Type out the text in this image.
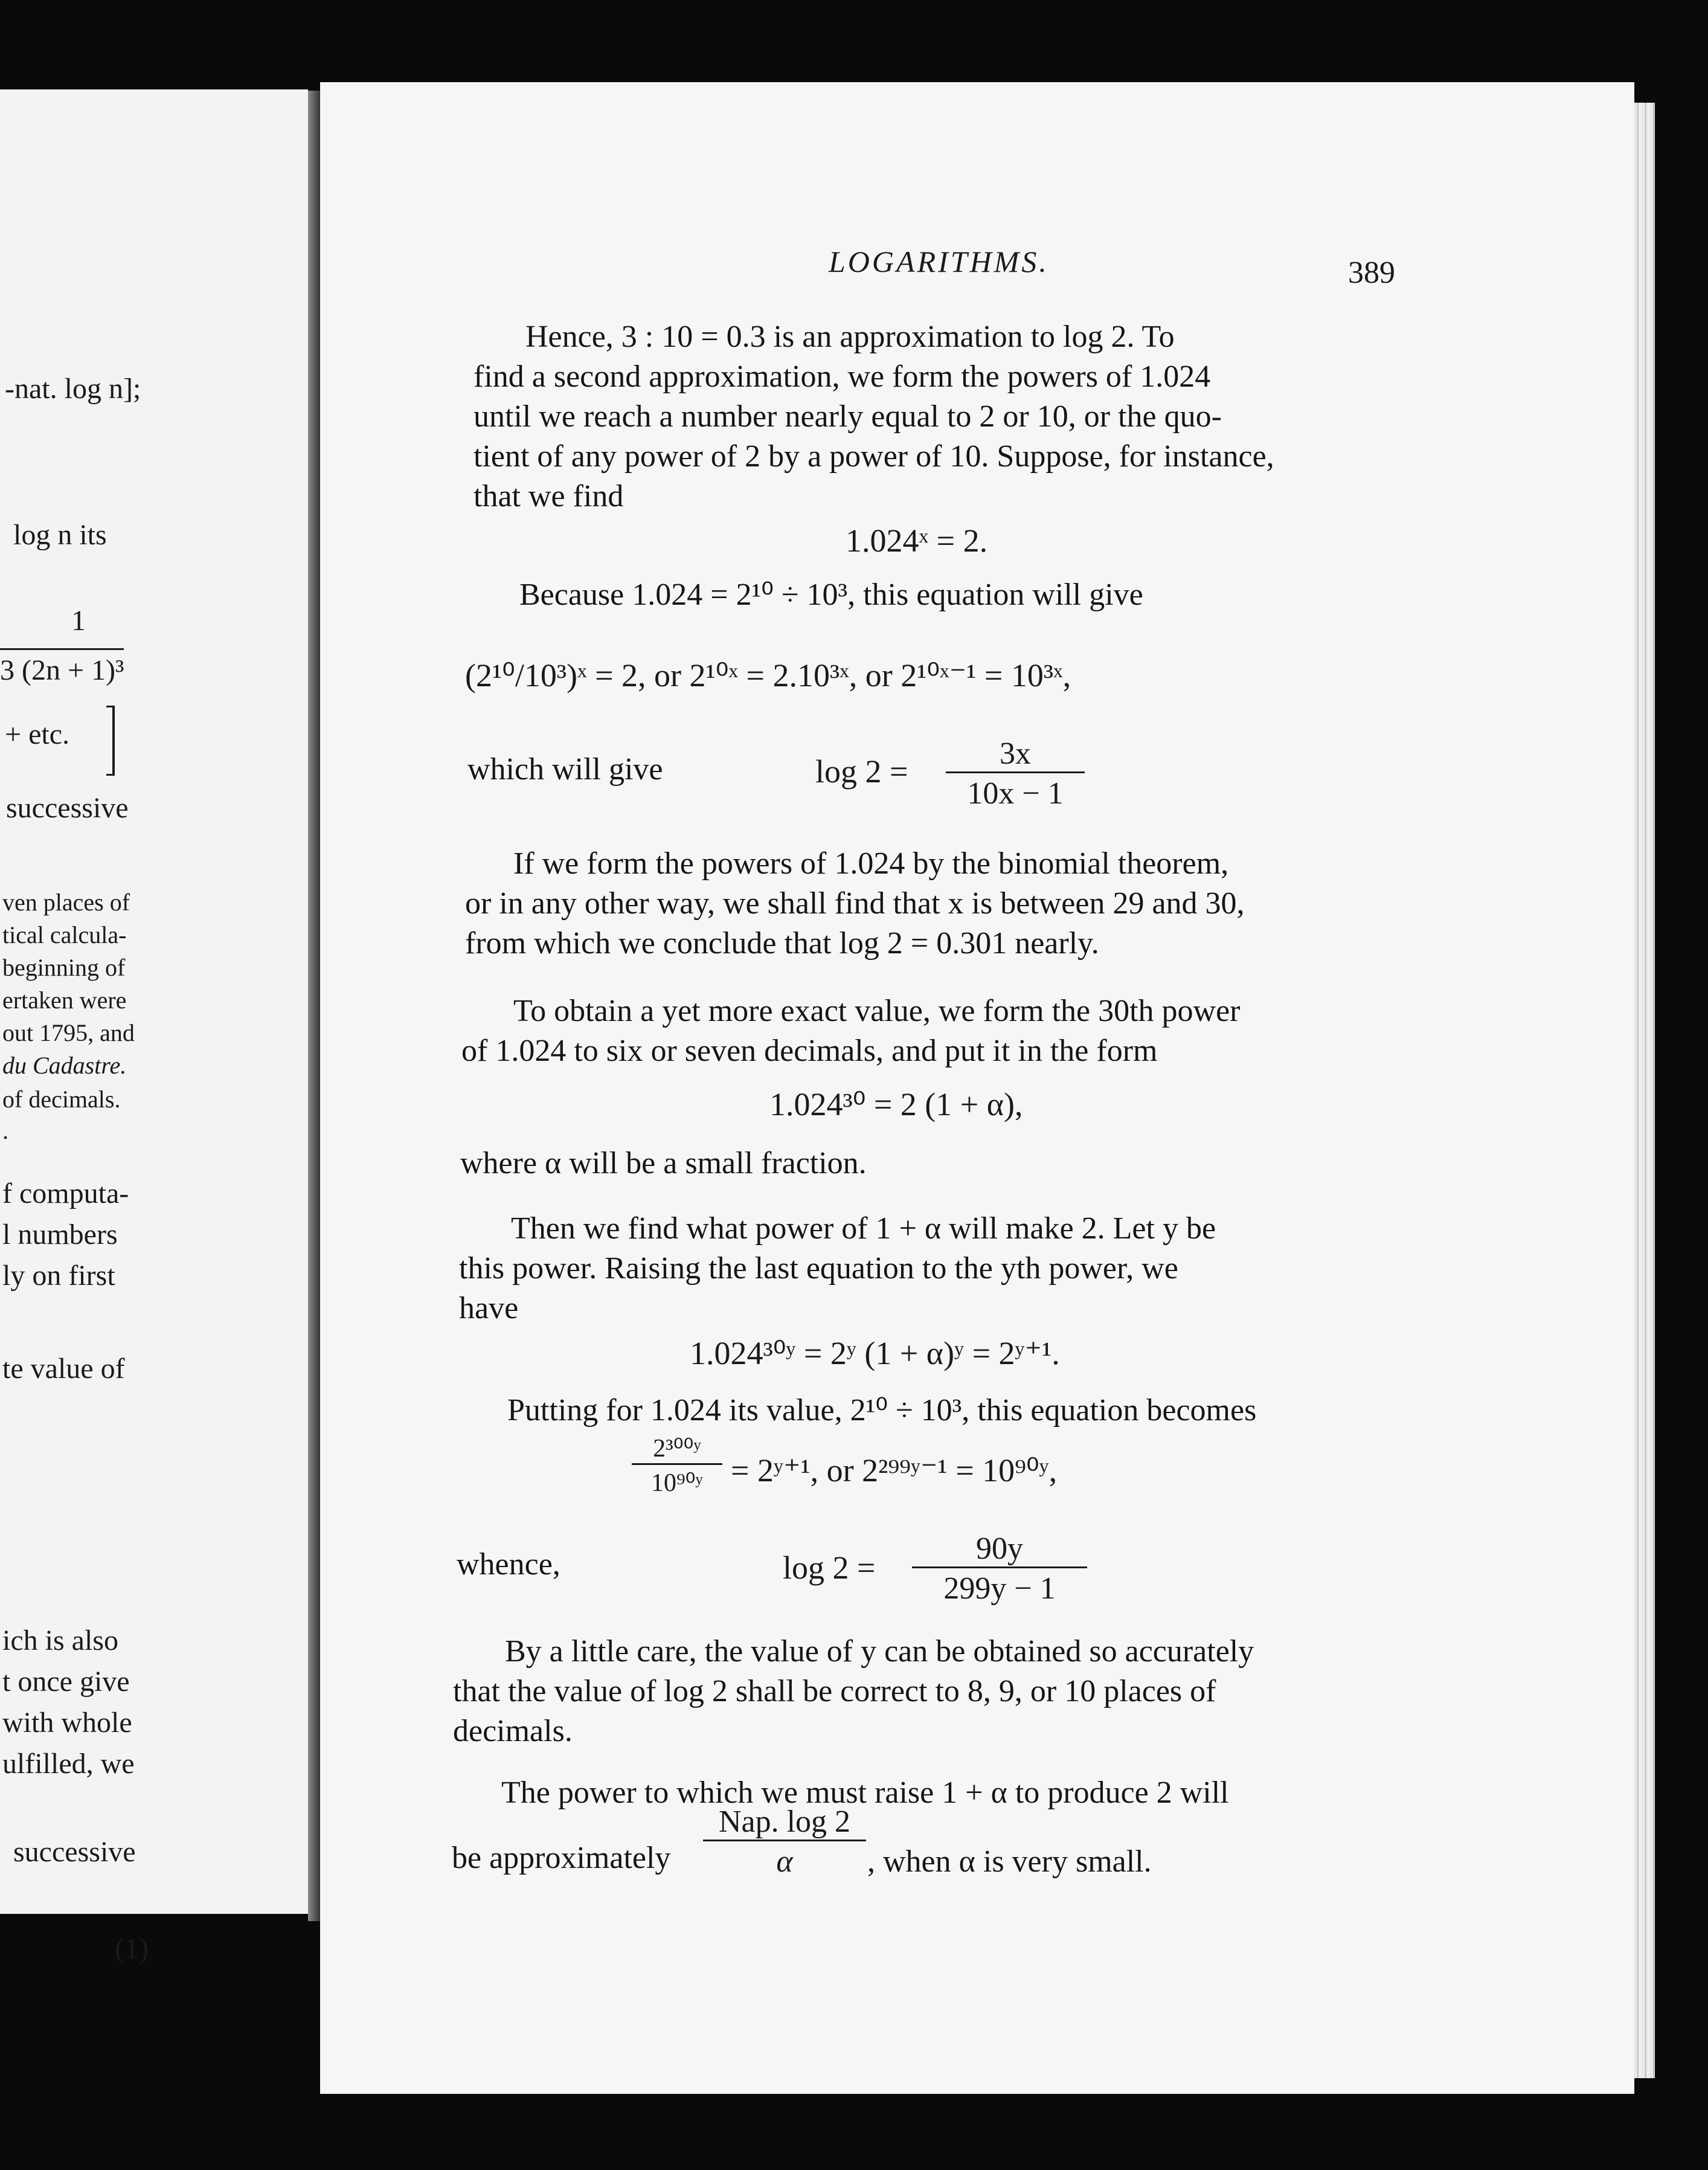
-nat. log n];
log n its
1
3 (2n + 1)³
+ etc.
successive
ven places of
tical calcula-
beginning of
ertaken were
out 1795, and
du Cadastre.
of decimals.
.
f computa-
l numbers
ly on first
te value of
ich is also
t once give
with whole
ulfilled, we
successive
(1)
LOGARITHMS.	389
Hence, 3 : 10 = 0.3 is an approximation to log 2. To
find a second approximation, we form the powers of 1.024
until we reach a number nearly equal to 2 or 10, or the quo-
tient of any power of 2 by a power of 10. Suppose, for instance,
that we find
1.024ˣ = 2.
Because 1.024 = 2¹⁰ ÷ 10³, this equation will give
(2¹⁰/10³)ˣ = 2, or 2¹⁰ˣ = 2.10³ˣ, or 2¹⁰ˣ⁻¹ = 10³ˣ,
which will give	$\log 2 = \frac{3x}{10x - 1}$
If we form the powers of 1.024 by the binomial theorem,
or in any other way, we shall find that x is between 29 and 30,
from which we conclude that log 2 = 0.301 nearly.
To obtain a yet more exact value, we form the 30th power
of 1.024 to six or seven decimals, and put it in the form
1.024³⁰ = 2 (1 + α),
where α will be a small fraction.
Then we find what power of 1 + α will make 2. Let y be
this power. Raising the last equation to the yth power, we
have
1.024³⁰ʸ = 2ʸ (1 + α)ʸ = 2ʸ⁺¹.
Putting for 1.024 its value, 2¹⁰ ÷ 10³, this equation becomes
$\frac{\text{2³⁰⁰ʸ}}{\text{10⁹⁰ʸ}}$ = 2ʸ⁺¹, or 2²⁹⁹ʸ⁻¹ = 10⁹⁰ʸ,
whence,	$\log 2 = \frac{90y}{299y - 1}$
By a little care, the value of y can be obtained so accurately
that the value of log 2 shall be correct to 8, 9, or 10 places of
decimals.
The power to which we must raise 1 + α to produce 2 will
be approximately
Nap. log 2
α	, when α is very small.
